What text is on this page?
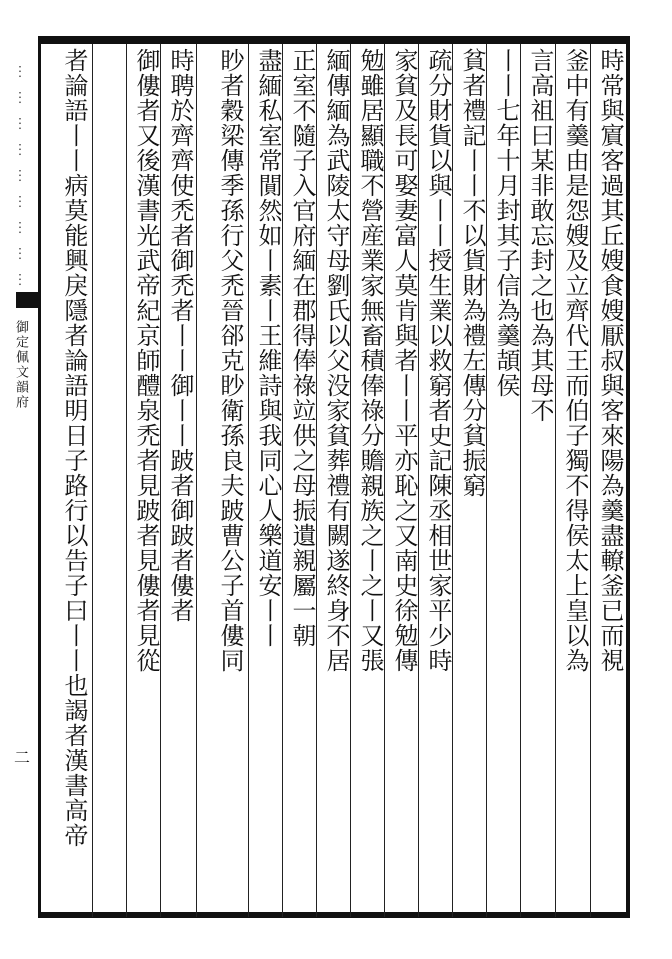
︙
︙
︙
︙
︙
︙
︙
︙
︙
御定佩文韻府
二
時常與賔客過其丘嫂食嫂厭叔與客來陽為羹盡轑釜已而視
釜中有羹由是怨嫂及立齊代王而伯子獨不得侯太上皇以為
言高祖曰某非敢忘封之也為其母不
丨丨七年十月封其子信為羹頡侯
貧者禮記丨丨不以貨財為禮左傳分貧振窮
疏分財貨以與丨丨授生業以救窮者史記陳丞相世家平少時
家貧及長可娶妻富人莫肯與者丨丨平亦恥之又南史徐勉傳
勉雖居顯職不營産業家無畜積俸祿分贍親族之丨之丨又張
緬傳緬為武陵太守母劉氏以父没家貧葬禮有闕遂終身不居
正室不隨子入官府緬在郡得俸祿竝供之母振遺親屬一朝
盡緬私室常閴然如丨素丨王維詩與我同心人樂道安丨丨
眇者穀梁傳季孫行父禿晉郤克眇衛孫良夫跛曹公子首僂同
時聘於齊齊使禿者御禿者丨丨御丨丨跛者御跛者僂者
御僂者又後漢書光武帝紀京師醴泉禿者見跛者見僂者見從
者論語丨丨病莫能興戾隱者論語明日子路行以告子曰丨丨也謁者漢書高帝
